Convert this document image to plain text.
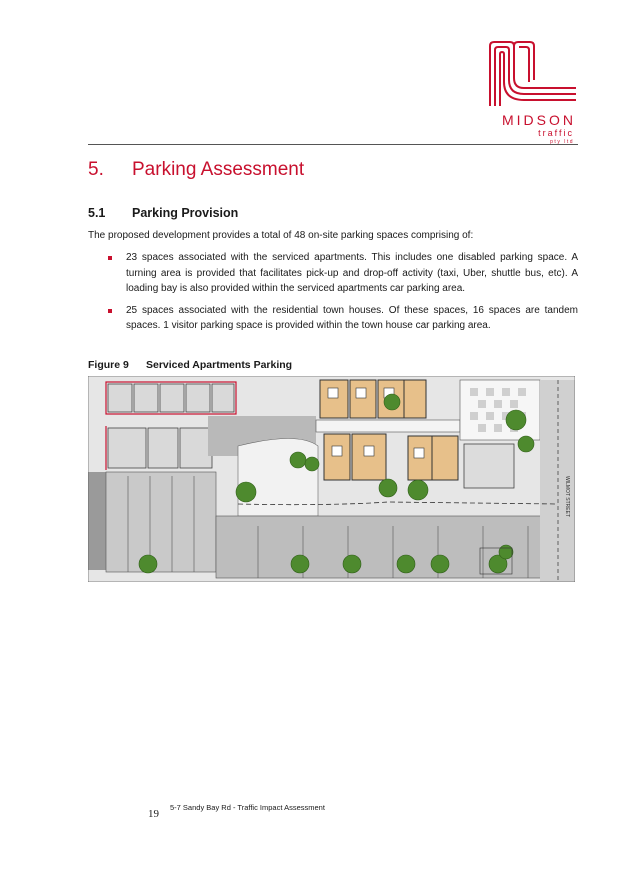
MIDSON
traffic
pty ltd
5. Parking Assessment
5.1 Parking Provision
The proposed development provides a total of 48 on-site parking spaces comprising of:
23 spaces associated with the serviced apartments. This includes one disabled parking space. A turning area is provided that facilitates pick-up and drop-off activity (taxi, Uber, shuttle bus, etc). A loading bay is also provided within the serviced apartments car parking area.
25 spaces associated with the residential town houses. Of these spaces, 16 spaces are tandem spaces. 1 visitor parking space is provided within the town house car parking area.
Figure 9 Serviced Apartments Parking
WILMOT STREET
19
5-7 Sandy Bay Rd - Traffic Impact Assessment
